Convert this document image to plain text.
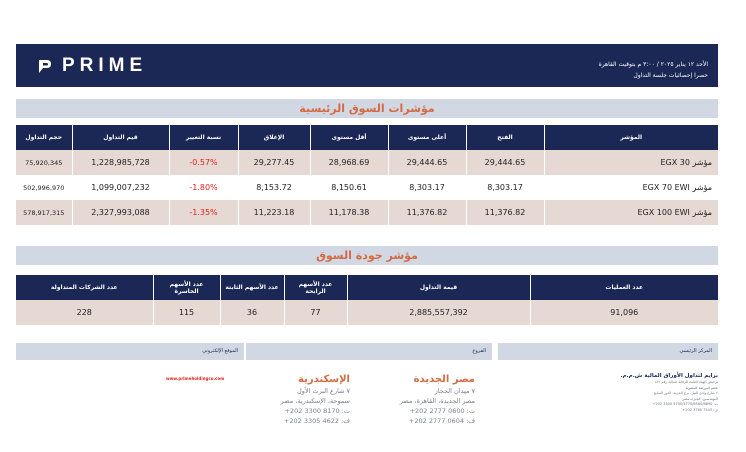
PRIME	الأحد ١٢ يناير ٢٠٢٥ / ٣:٠٠ م بتوقيت القاهرة
حصرا إحصائيات جلسة التداول
مؤشرات السوق الرئيسية
حجم التداول	قيم التداول	نسبة التغيير	الإغلاق	أقل مستوى	أعلى مستوى	الفتح	المؤشر
75,920,345	1,228,985,728	-0.57%	29,277.45	28,968.69	29,444.65	29,444.65	مؤشر EGX 30
502,996,970	1,099,007,232	-1.80%	8,153.72	8,150.61	8,303.17	8,303.17	مؤشر EGX 70 EWI
578,917,315	2,327,993,088	-1.35%	11,223.18	11,178.38	11,376.82	11,376.82	مؤشر EGX 100 EWI
مؤشر جودة السوق
عدد الشركات المتداولة	عدد الأسهم الخاسرة	عدد الأسهم الثابتة	عدد الأسهم الرابحة	قيمة التداول	عدد العمليات
228	115	36	77	2,885,557,392	91,096
الموقع الإلكتروني	الفروع	المركز الرئيسي
www.primeholdingco.com	الإسكندرية
٧ شارع البرت الأول
سموحة، الإسكندرية، مصر
ت: 8170 3300 202+
ف: 4622 3305 202+
مصر الجديدة
٧ ميدان الحجاز
مصر الجديدة، القاهرة، مصر
ت: 0600 2777 202+
ف: 0604 2777 202+
برايم لتداول الأوراق المالية ش.م.م.
ترخيص الهيئة العامة للرقابة المالية رقم ١٨٦
عضو البورصة المصرية
٢ شارع وادي النيل، برج الحرية، الدور السابع
المهندسين، الجيزة، مصر
ت: 5700/5770/8560/8890 3300 202+
ف: 7543 3760 202+
